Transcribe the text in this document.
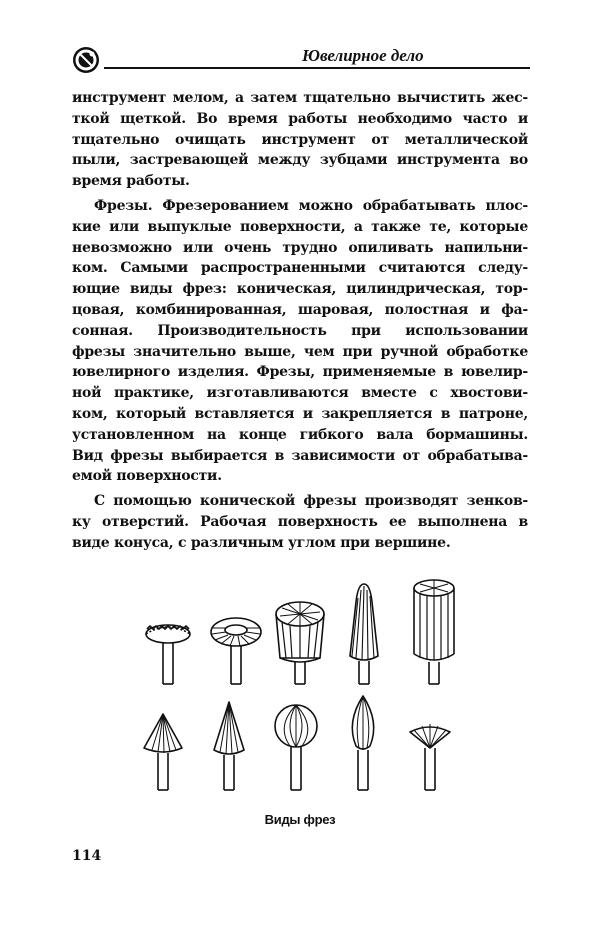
Ювелирное дело
инструмент мелом, а затем тщательно вычистить жес-
ткой щеткой. Во время работы необходимо часто и
тщательно очищать инструмент от металлической
пыли, застревающей между зубцами инструмента во
время работы.
Фрезы. Фрезерованием можно обрабатывать плос-
кие или выпуклые поверхности, а также те, которые
невозможно или очень трудно опиливать напильни-
ком. Самыми распространенными считаются следу-
ющие виды фрез: коническая, цилиндрическая, тор-
цовая, комбинированная, шаровая, полостная и фа-
сонная. Производительность при использовании
фрезы значительно выше, чем при ручной обработке
ювелирного изделия. Фрезы, применяемые в ювелир-
ной практике, изготавливаются вместе с хвостови-
ком, который вставляется и закрепляется в патроне,
установленном на конце гибкого вала бормашины.
Вид фрезы выбирается в зависимости от обрабатыва-
емой поверхности.
С помощью конической фрезы производят зенков-
ку отверстий. Рабочая поверхность ее выполнена в
виде конуса, с различным углом при вершине.
Виды фрез
114
